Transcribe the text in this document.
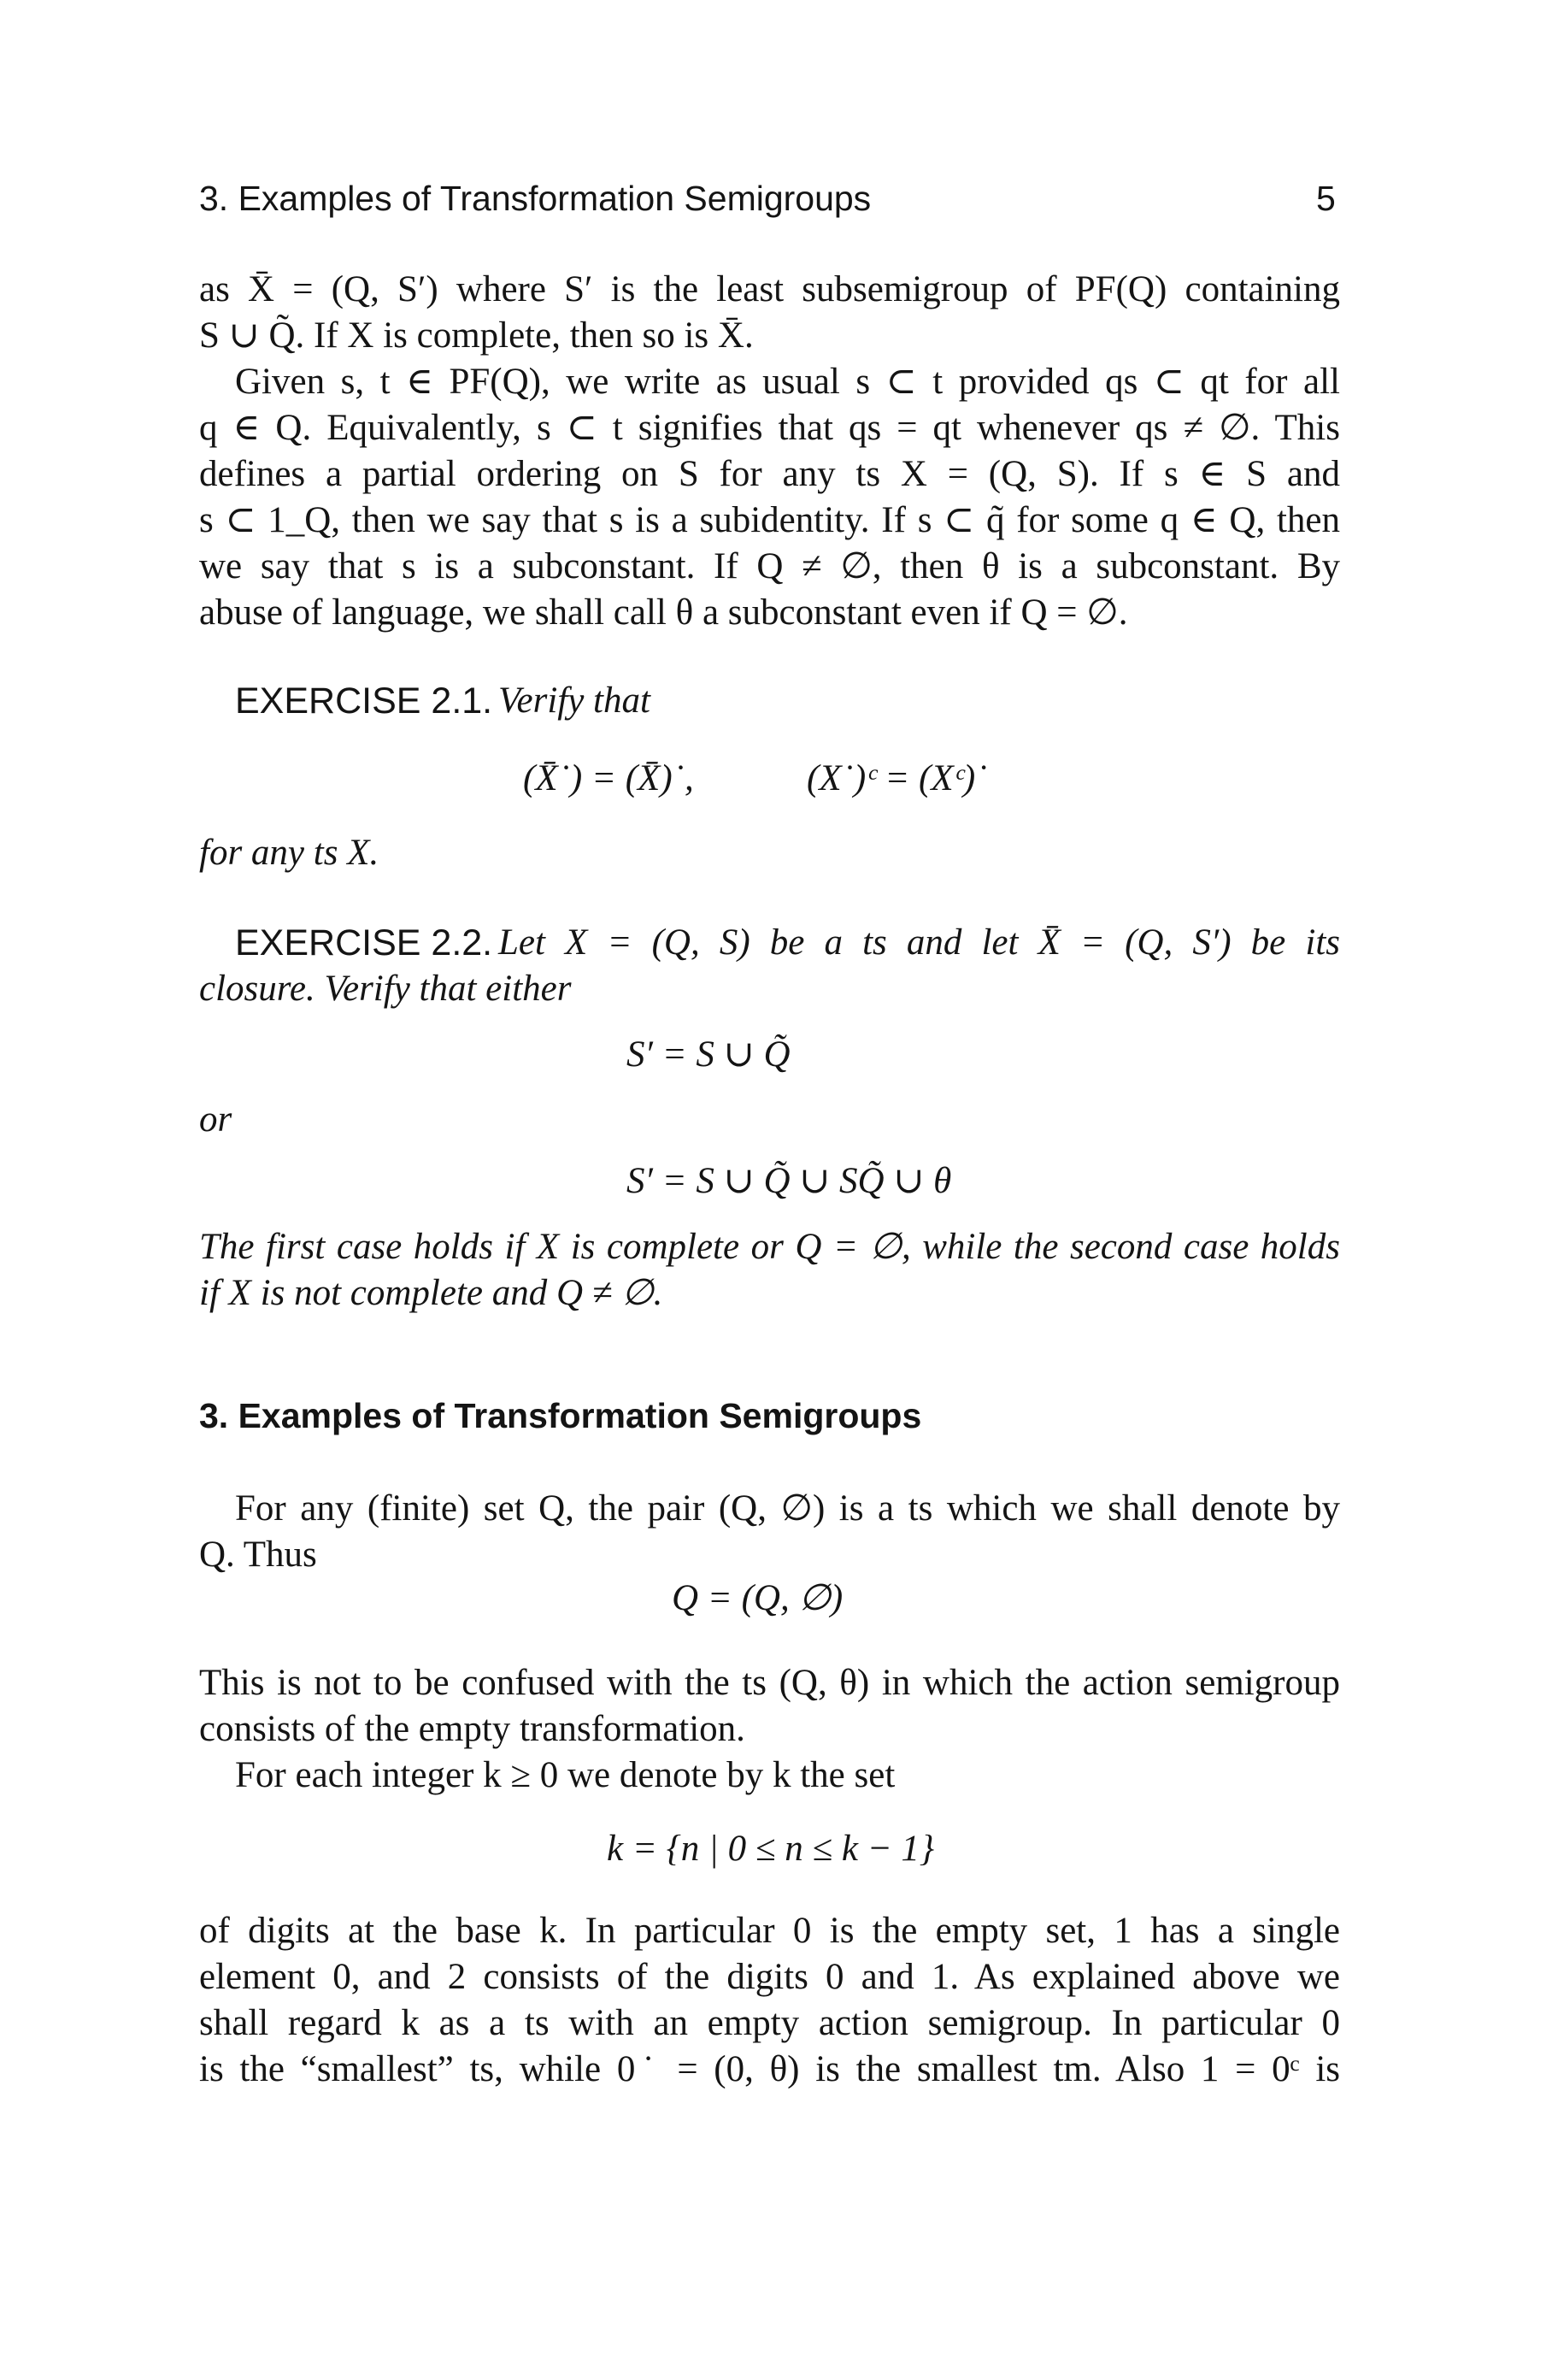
3. Examples of Transformation Semigroups	5
as X̄ = (Q, S′) where S′ is the least subsemigroup of PF(Q) containing
S ∪ Q̃. If X is complete, then so is X̄.
Given s, t ∈ PF(Q), we write as usual s ⊂ t provided qs ⊂ qt for all
q ∈ Q. Equivalently, s ⊂ t signifies that qs = qt whenever qs ≠ ∅. This
defines a partial ordering on S for any ts X = (Q, S). If s ∈ S and
s ⊂ 1_Q, then we say that s is a subidentity. If s ⊂ q̃ for some q ∈ Q, then
we say that s is a subconstant. If Q ≠ ∅, then θ is a subconstant. By
abuse of language, we shall call θ a subconstant even if Q = ∅.
EXERCISE 2.1. Verify that
(X̄˙) = (X̄)˙,	(X˙)ᶜ = (Xᶜ)˙
for any ts X.
EXERCISE 2.2. Let X = (Q, S) be a ts and let X̄ = (Q, S′) be its
closure. Verify that either
S′ = S ∪ Q̃
or
S′ = S ∪ Q̃ ∪ SQ̃ ∪ θ
The first case holds if X is complete or Q = ∅, while the second case holds
if X is not complete and Q ≠ ∅.
3. Examples of Transformation Semigroups
For any (finite) set Q, the pair (Q, ∅) is a ts which we shall denote by
Q. Thus
Q = (Q, ∅)
This is not to be confused with the ts (Q, θ) in which the action semigroup
consists of the empty transformation.
For each integer k ≥ 0 we denote by k the set
k = {n | 0 ≤ n ≤ k − 1}
of digits at the base k. In particular 0 is the empty set, 1 has a single
element 0, and 2 consists of the digits 0 and 1. As explained above we
shall regard k as a ts with an empty action semigroup. In particular 0
is the “smallest” ts, while 0˙ = (0, θ) is the smallest tm. Also 1 = 0ᶜ is
